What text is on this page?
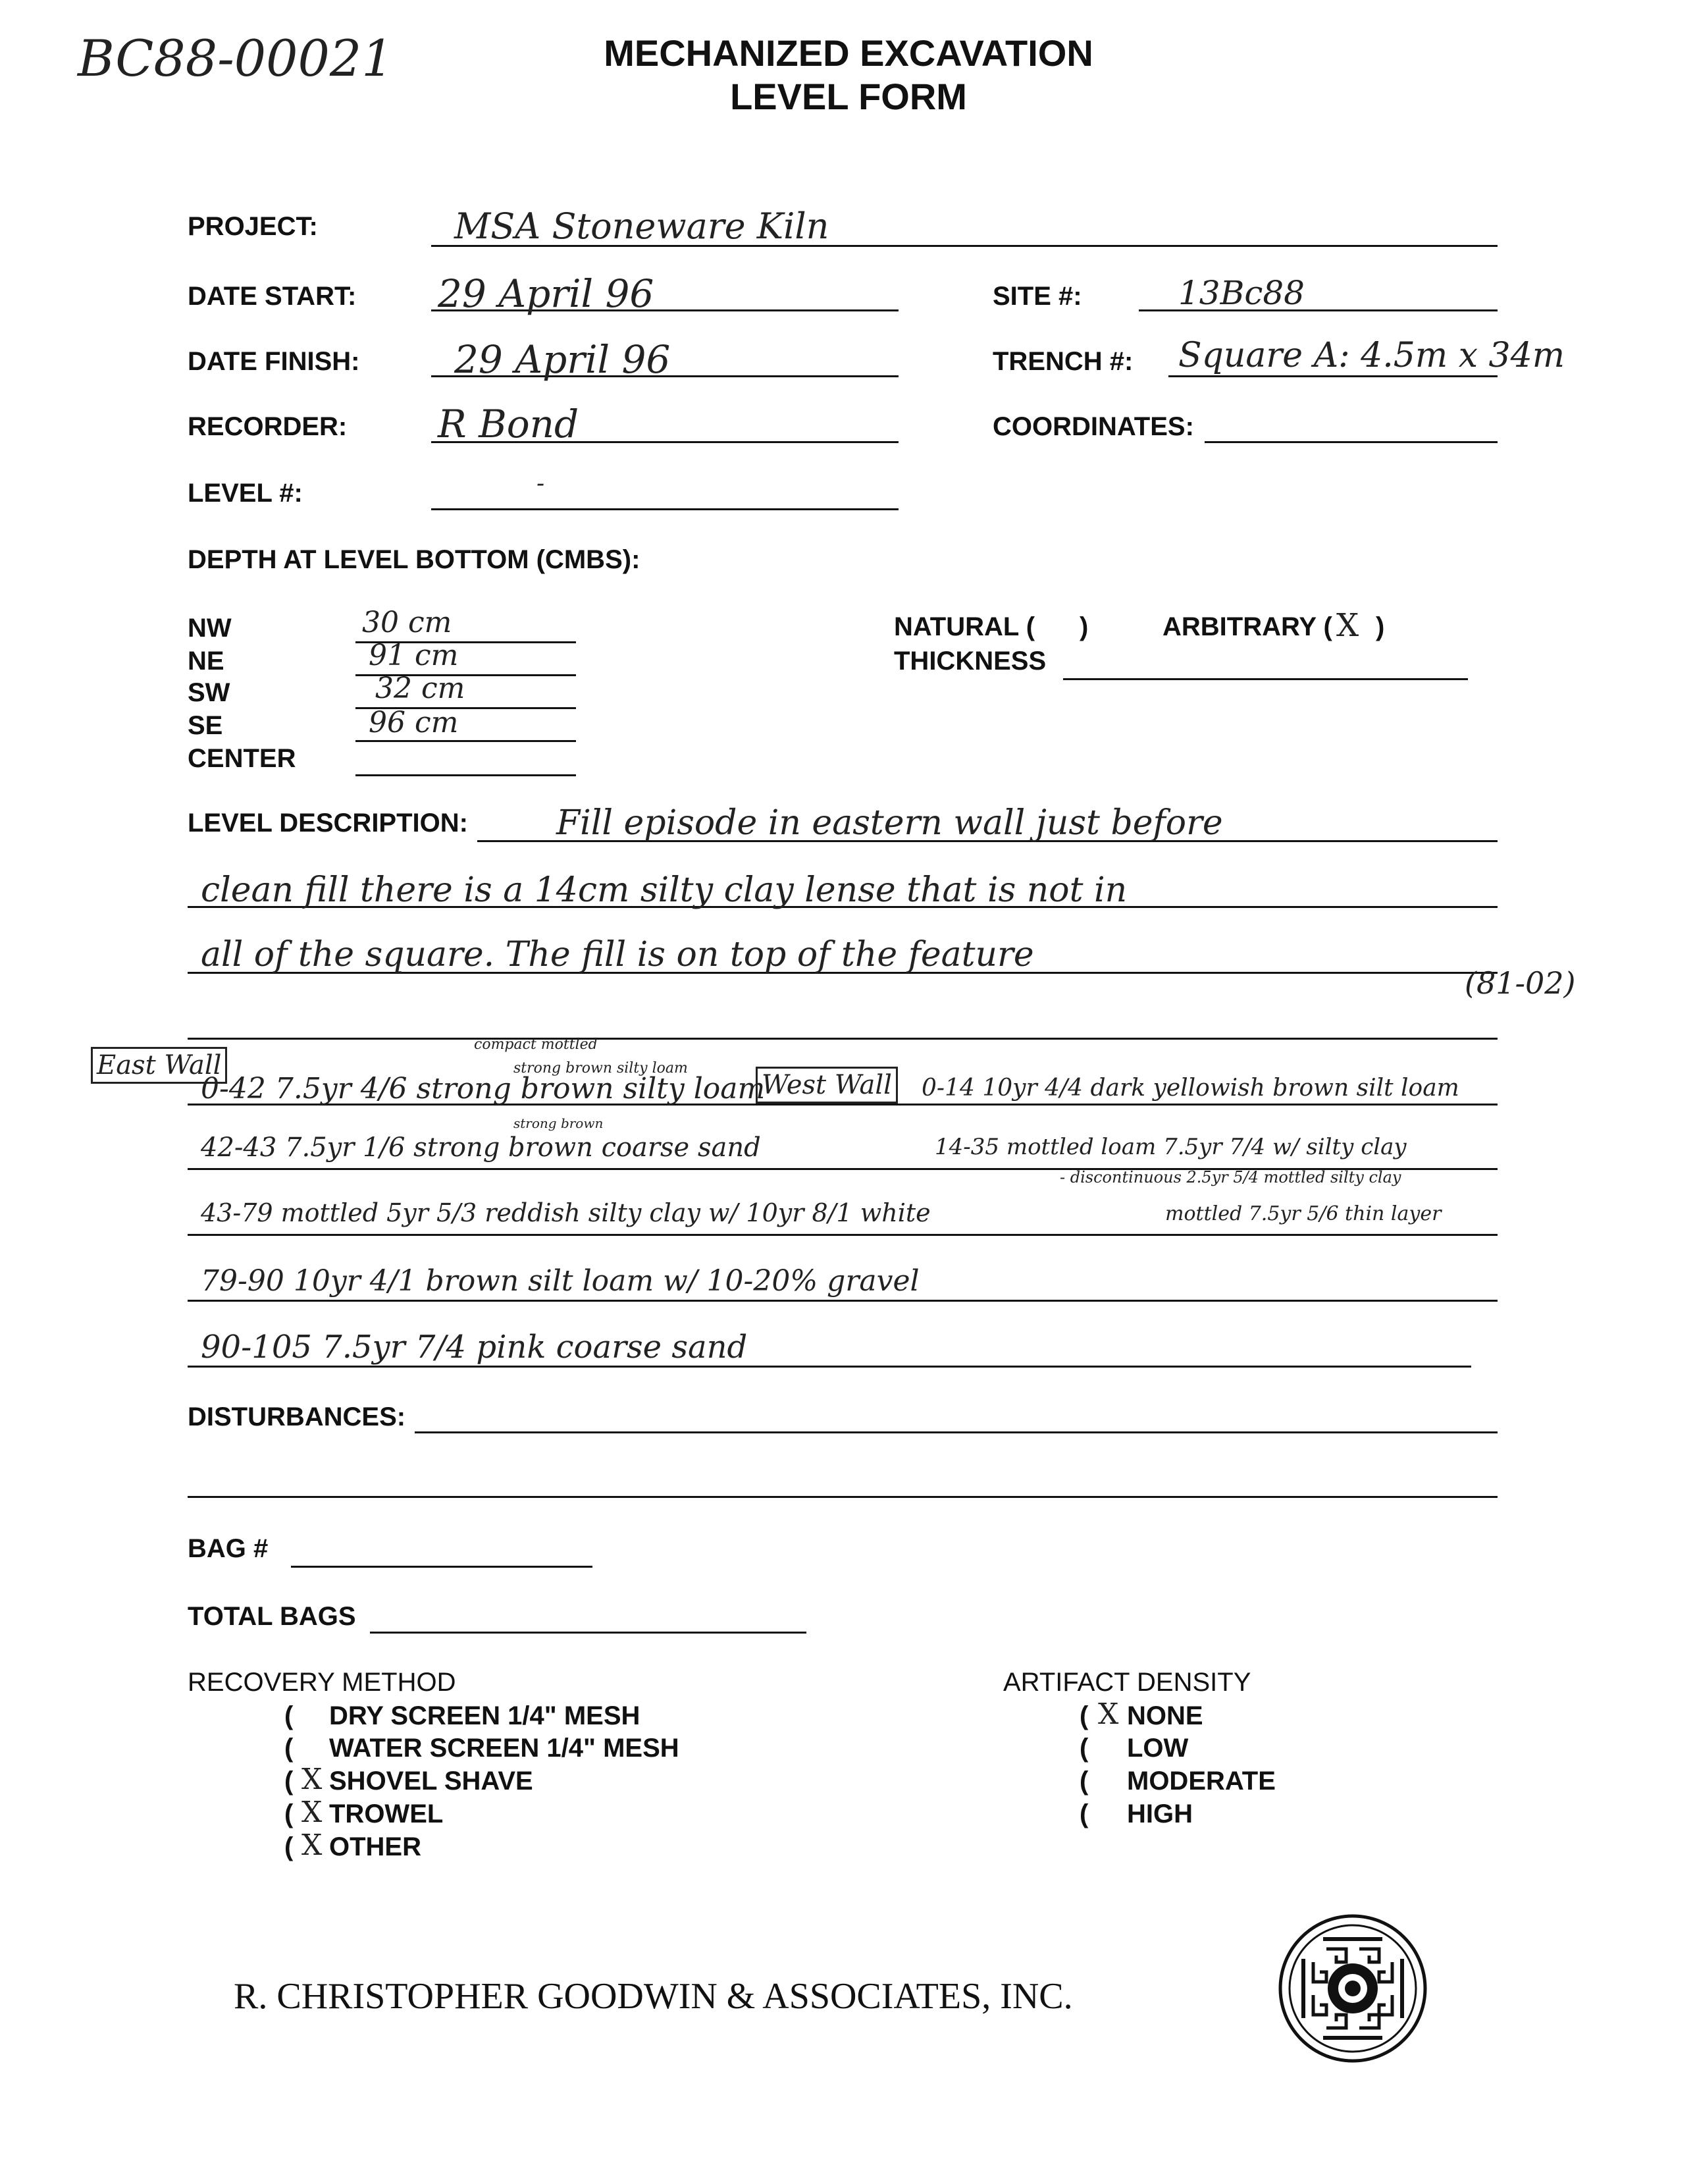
BC88-00021	MECHANIZED EXCAVATION
LEVEL FORM
PROJECT:	MSA Stoneware Kiln
DATE START: 29 April 96	SITE #:	13Bc88
DATE FINISH: 29 April 96	TRENCH #: Square A: 4.5m x 34m
RECORDER: R Bond	COORDINATES:
LEVEL #:	-
DEPTH AT LEVEL BOTTOM (CMBS):
NW	30 cm
NE	91 cm
SW	32 cm
SE	96 cm
CENTER
NATURAL ( )	ARBITRARY ( X )
THICKNESS
LEVEL DESCRIPTION:	Fill episode in eastern wall just before
clean fill there is a 14cm silty clay lense that is not in
all of the square. The fill is on top of the feature
(81-02)
East Wall
compact mottled
strong brown silty loam
West Wall
0-42 7.5yr 4/6 strong brown silty loam	0-14 10yr 4/4 dark yellowish brown silt loam
strong brown
42-43 7.5yr 1/6 strong brown coarse sand	14-35 mottled loam 7.5yr 7/4 w/ silty clay
- discontinuous 2.5yr 5/4 mottled silty clay
43-79 mottled 5yr 5/3 reddish silty clay w/ 10yr 8/1 white	mottled 7.5yr 5/6 thin layer
79-90 10yr 4/1 brown silt loam w/ 10-20% gravel
90-105 7.5yr 7/4 pink coarse sand
DISTURBANCES:
BAG #
TOTAL BAGS
RECOVERY METHOD
( DRY SCREEN 1/4" MESH
( WATER SCREEN 1/4" MESH
( X SHOVEL SHAVE
( X TROWEL
( X OTHER
ARTIFACT DENSITY
( X NONE
( LOW
( MODERATE
( HIGH
R. CHRISTOPHER GOODWIN & ASSOCIATES, INC.
